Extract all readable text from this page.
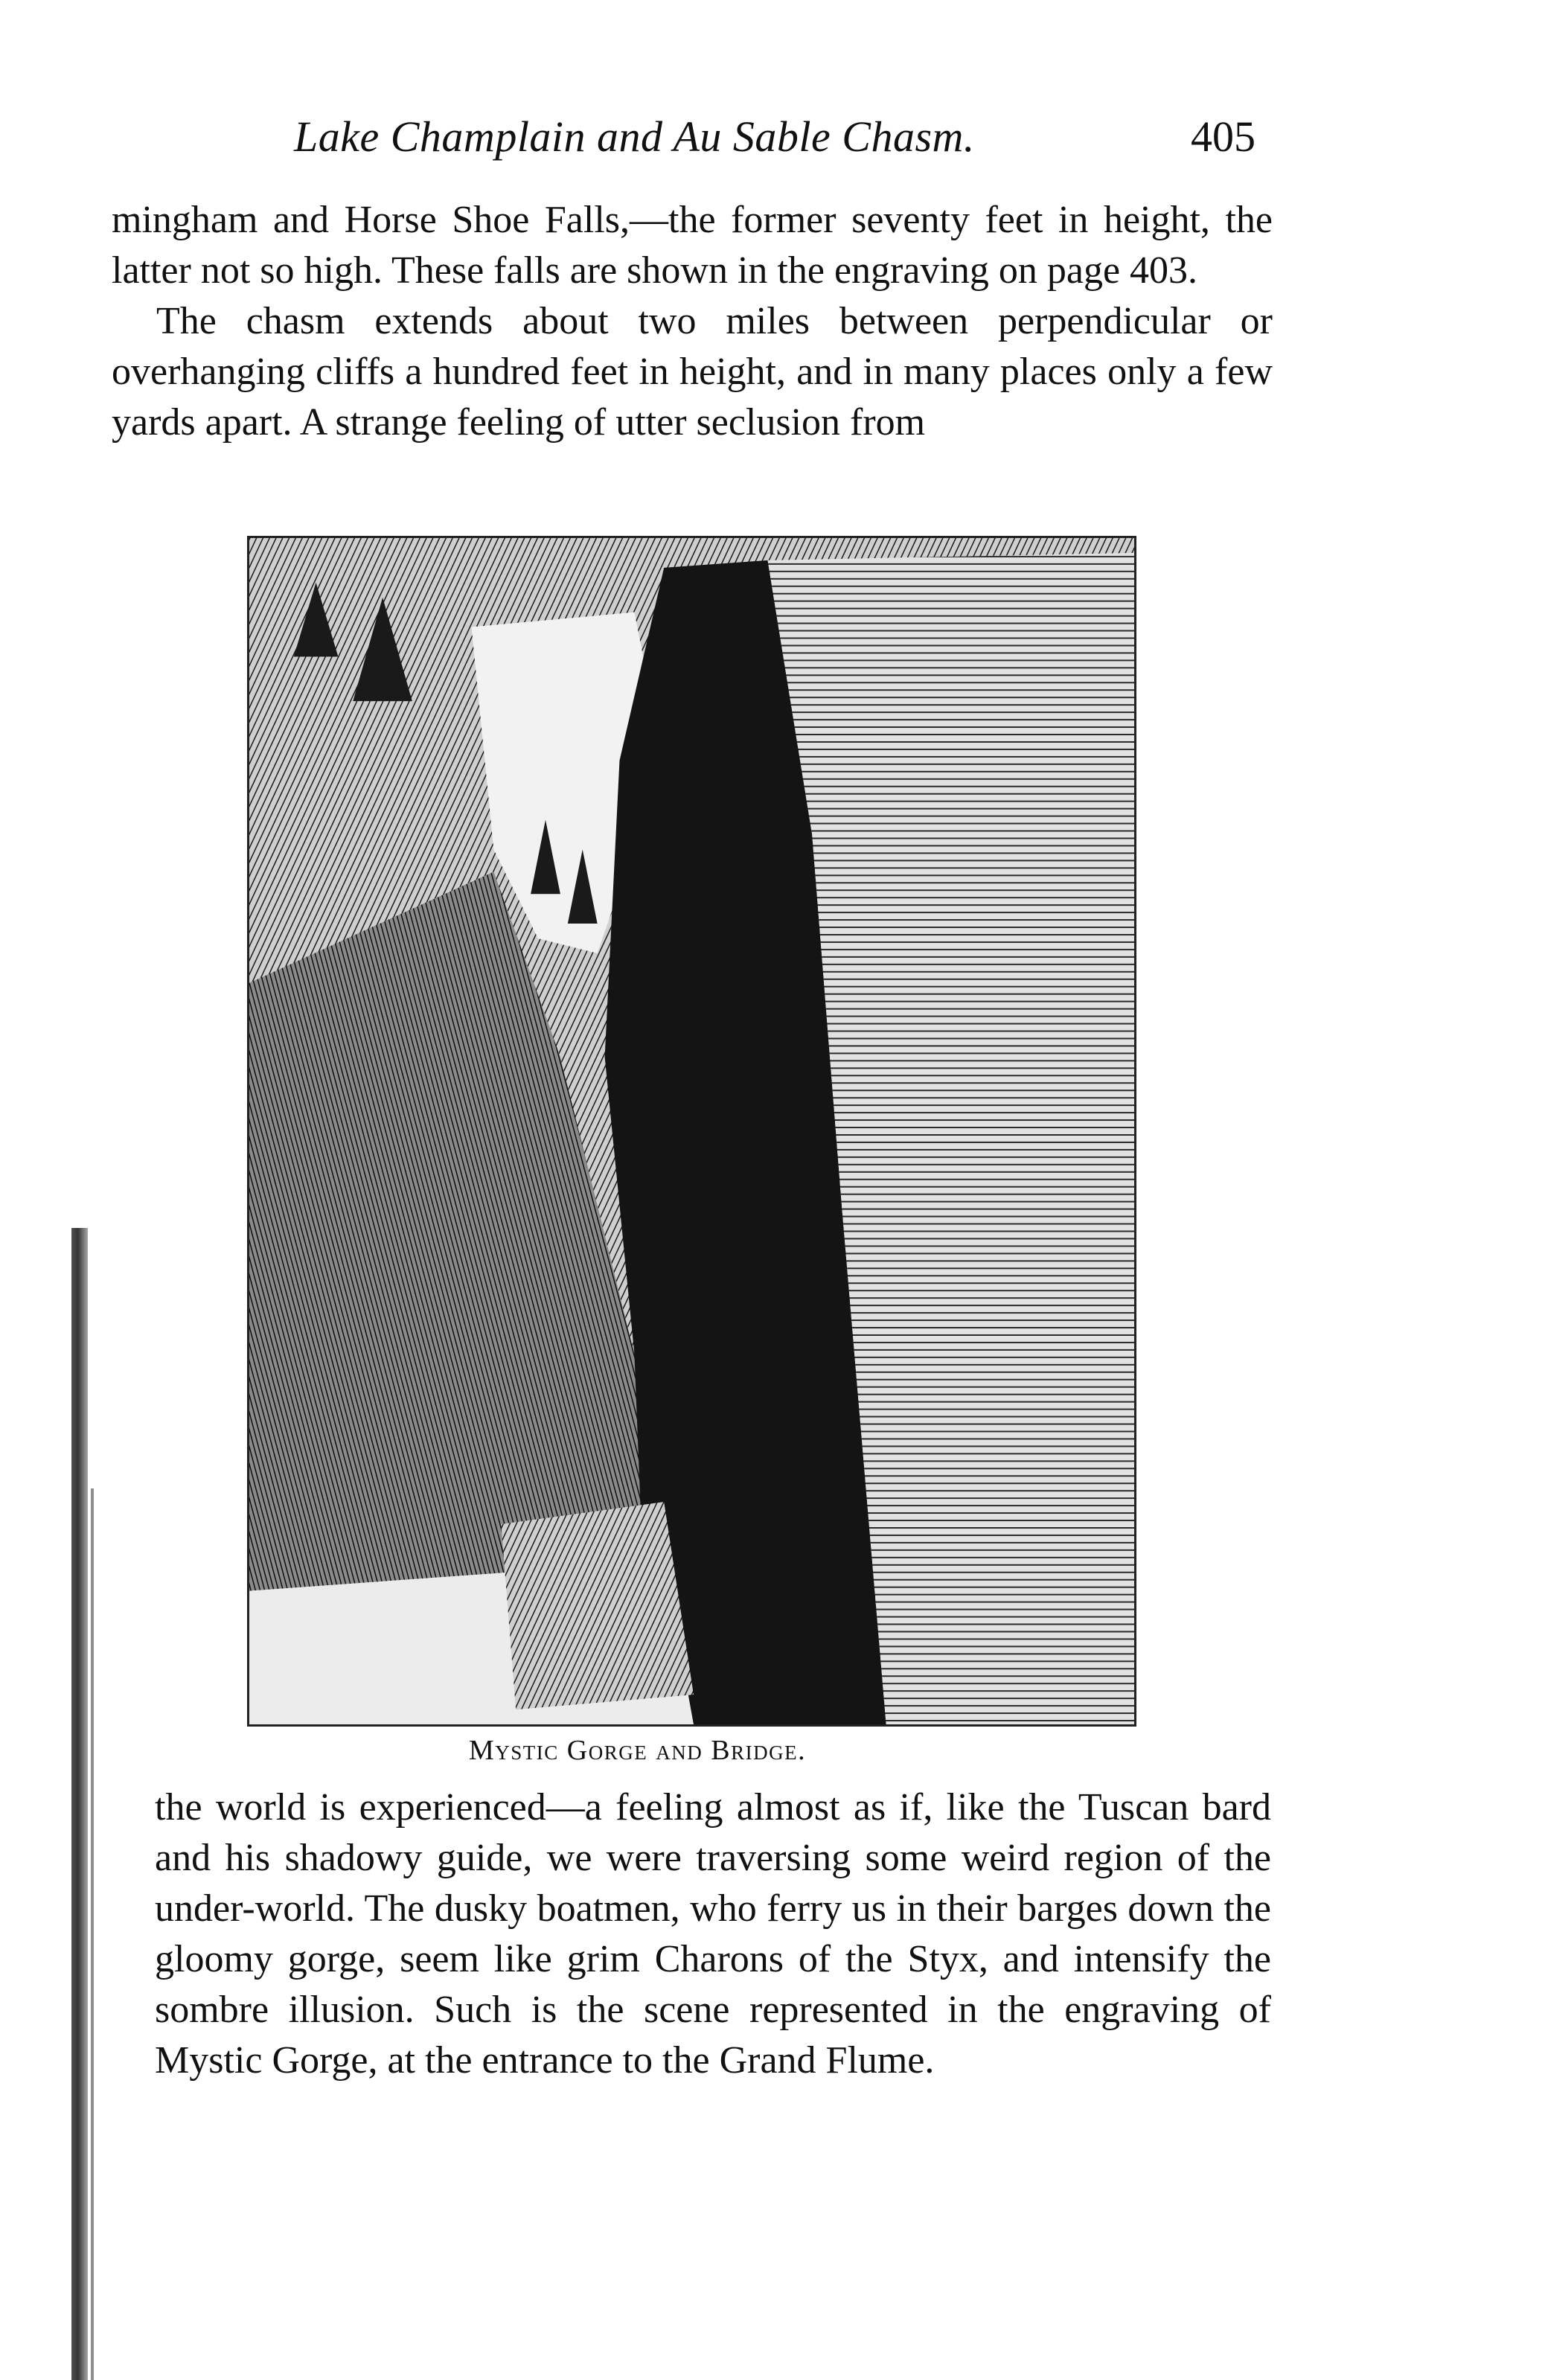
Lake Champlain and Au Sable Chasm.	405

mingham and Horse Shoe Falls,—the former seventy feet in height, the latter not so high. These falls are shown in the engraving on page 403.

The chasm extends about two miles between perpendicular or overhanging cliffs a hundred feet in height, and in many places only a few yards apart. A strange feeling of utter seclusion from

Mystic Gorge and Bridge.

the world is experienced—a feeling almost as if, like the Tuscan bard and his shadowy guide, we were traversing some weird region of the under-world. The dusky boatmen, who ferry us in their barges down the gloomy gorge, seem like grim Charons of the Styx, and intensify the sombre illusion. Such is the scene represented in the engraving of Mystic Gorge, at the entrance to the Grand Flume.
